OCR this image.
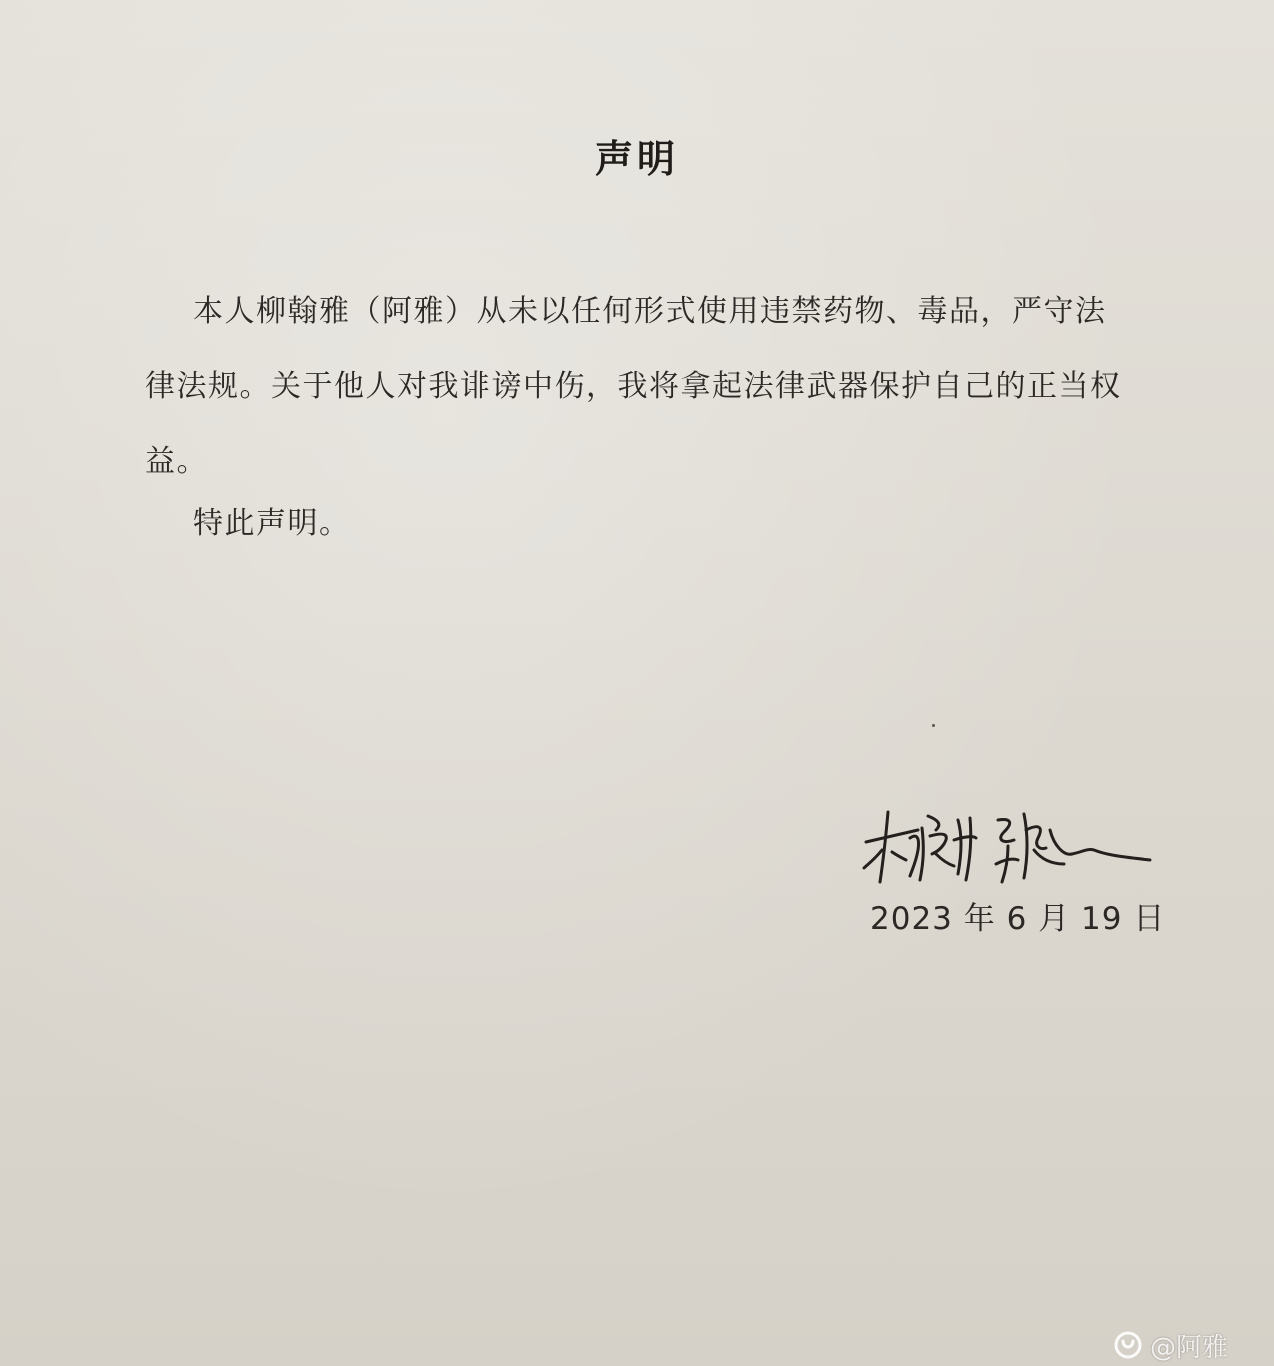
声明

本人柳翰雅（阿雅）从未以任何形式使用违禁药物、毒品，严守法律法规。关于他人对我诽谤中伤，我将拿起法律武器保护自己的正当权益。

特此声明。
2023 年 6 月 19 日
@阿雅
